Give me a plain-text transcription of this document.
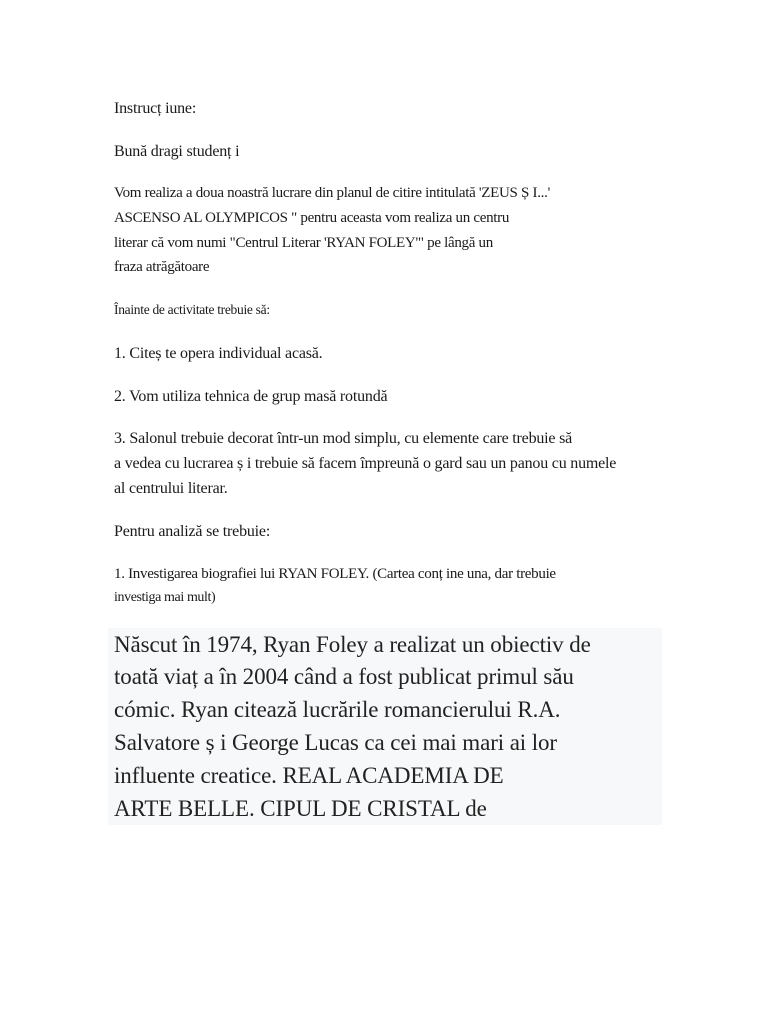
Instrucț iune:

Bună dragi studenț i

Vom realiza a doua noastră lucrare din planul de citire intitulată 'ZEUS Ș I...'

ASCENSO AL OLYMPICOS " pentru aceasta vom realiza un centru

literar că vom numi "Centrul Literar 'RYAN FOLEY'" pe lângă un

fraza atrăgătoare

Înainte de activitate trebuie să:

1. Citeș te opera individual acasă.

2. Vom utiliza tehnica de grup masă rotundă

3. Salonul trebuie decorat într-un mod simplu, cu elemente care trebuie să

a vedea cu lucrarea ș i trebuie să facem împreună o gard sau un panou cu numele

al centrului literar.

Pentru analiză se trebuie:

1. Investigarea biografiei lui RYAN FOLEY. (Cartea conț ine una, dar trebuie

investiga mai mult)

Născut în 1974, Ryan Foley a realizat un obiectiv de

toată viaț a în 2004 când a fost publicat primul său

cómic. Ryan citează lucrările romancierului R.A.

Salvatore ș i George Lucas ca cei mai mari ai lor

influente creatice. REAL ACADEMIA DE

ARTE BELLE. CIPUL DE CRISTAL de
